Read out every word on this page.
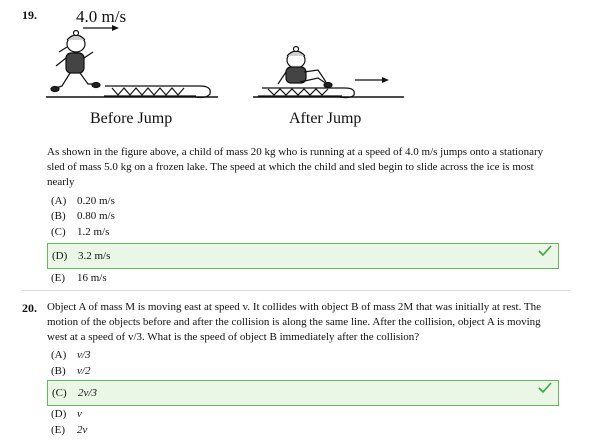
19. 4.0 m/s
Before Jump	After Jump
As shown in the figure above, a child of mass 20 kg who is running at a speed of 4.0 m/s jumps onto a stationary
sled of mass 5.0 kg on a frozen lake. The speed at which the child and sled begin to slide across the ice is most
nearly
(A) 0.20 m/s
(B) 0.80 m/s
(C) 1.2 m/s
(D) 3.2 m/s
(E) 16 m/s
20. Object A of mass M is moving east at speed v. It collides with object B of mass 2M that was initially at rest. The
motion of the objects before and after the collision is along the same line. After the collision, object A is moving
west at a speed of v/3. What is the speed of object B immediately after the collision?
(A) v/3
(B) v/2
(C) 2v/3
(D) v
(E) 2v
